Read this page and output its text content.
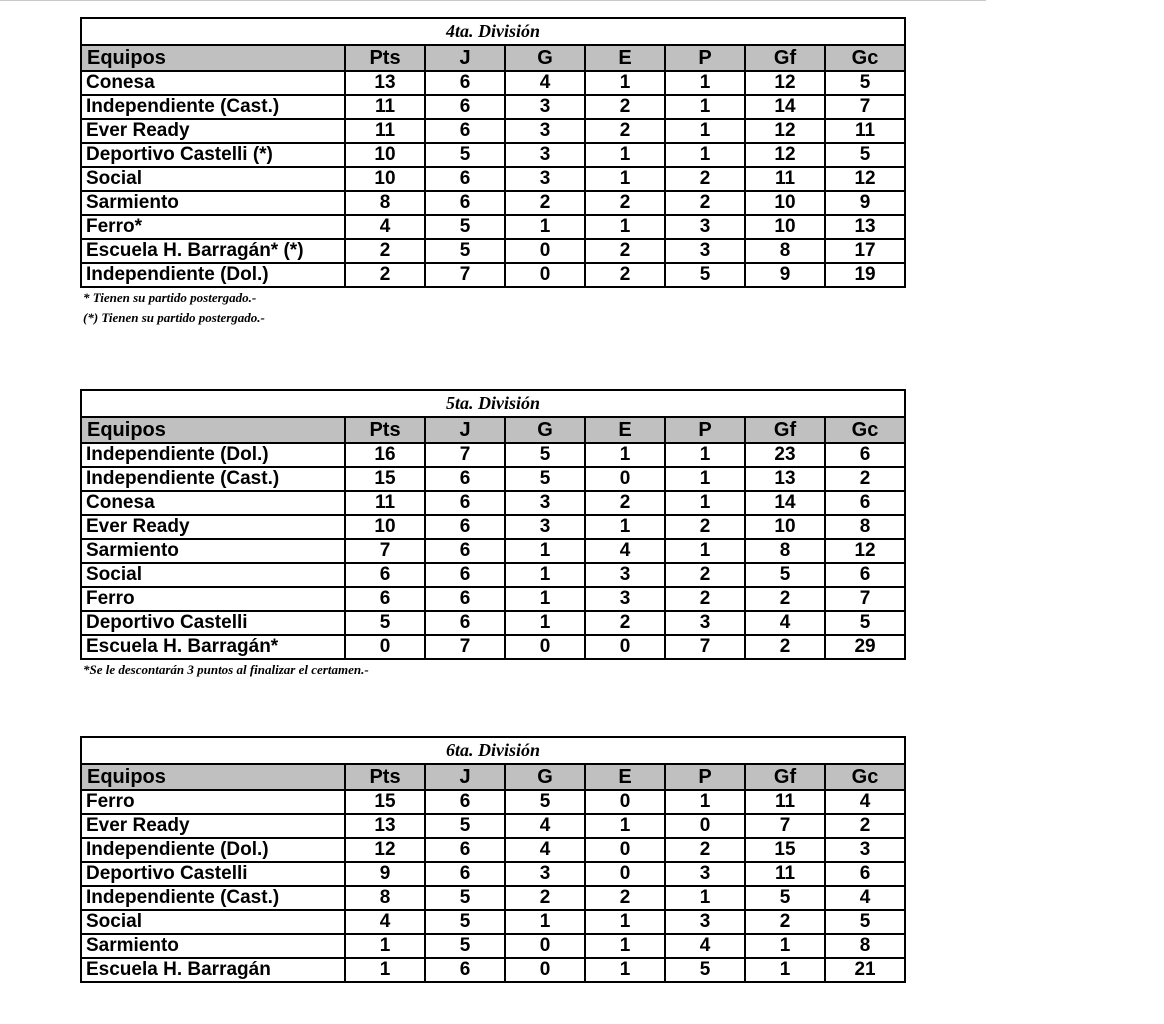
4ta. División							
Equipos	Pts	J	G	E	P	Gf	Gc
Conesa	13	6	4	1	1	12	5
Independiente (Cast.)	11	6	3	2	1	14	7
Ever Ready	11	6	3	2	1	12	11
Deportivo Castelli (*)	10	5	3	1	1	12	5
Social	10	6	3	1	2	11	12
Sarmiento	8	6	2	2	2	10	9
Ferro*	4	5	1	1	3	10	13
Escuela H. Barragán* (*)	2	5	0	2	3	8	17
Independiente (Dol.)	2	7	0	2	5	9	19
* Tienen su partido postergado.-
(*) Tienen su partido postergado.-
5ta. División							
Equipos	Pts	J	G	E	P	Gf	Gc
Independiente (Dol.)	16	7	5	1	1	23	6
Independiente (Cast.)	15	6	5	0	1	13	2
Conesa	11	6	3	2	1	14	6
Ever Ready	10	6	3	1	2	10	8
Sarmiento	7	6	1	4	1	8	12
Social	6	6	1	3	2	5	6
Ferro	6	6	1	3	2	2	7
Deportivo Castelli	5	6	1	2	3	4	5
Escuela H. Barragán*	0	7	0	0	7	2	29
*Se le descontarán 3 puntos al finalizar el certamen.-
6ta. División							
Equipos	Pts	J	G	E	P	Gf	Gc
Ferro	15	6	5	0	1	11	4
Ever Ready	13	5	4	1	0	7	2
Independiente (Dol.)	12	6	4	0	2	15	3
Deportivo Castelli	9	6	3	0	3	11	6
Independiente (Cast.)	8	5	2	2	1	5	4
Social	4	5	1	1	3	2	5
Sarmiento	1	5	0	1	4	1	8
Escuela H. Barragán	1	6	0	1	5	1	21
